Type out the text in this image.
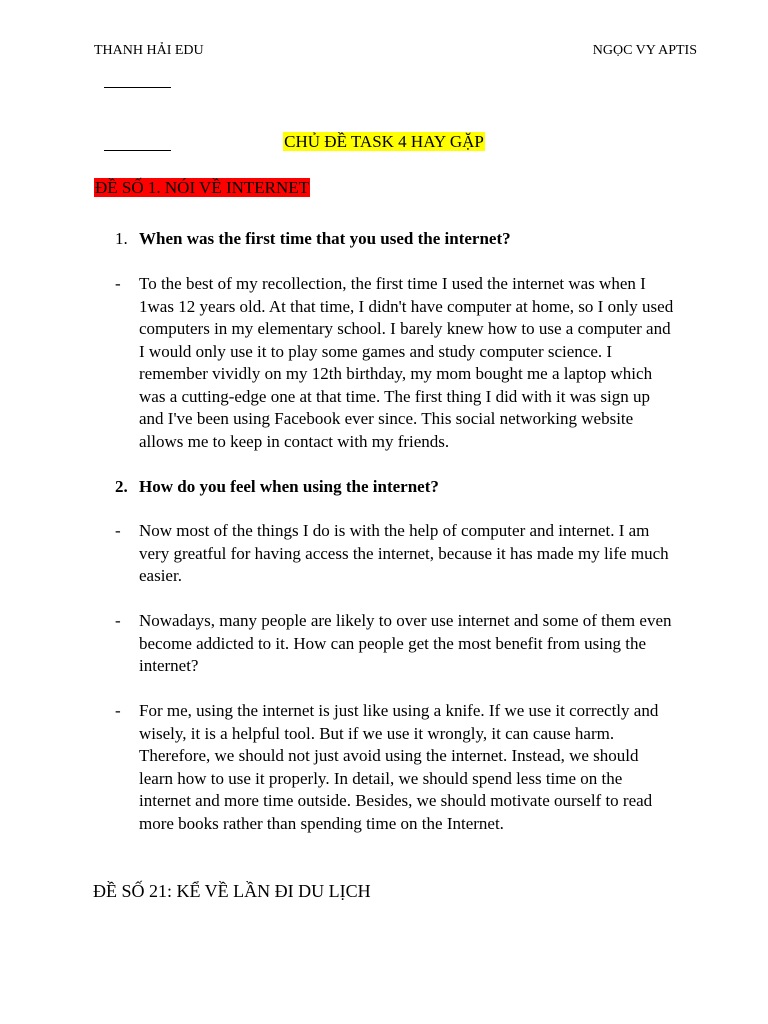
THANH HẢI EDU	NGỌC VY APTIS
CHỦ ĐỀ TASK 4 HAY GẶP
ĐỀ SỐ 1. NÓI VỀ INTERNET
1. When was the first time that you used the internet?
- To the best of my recollection, the first time I used the internet was when I 1was 12 years old. At that time, I didn't have computer at home, so I only used computers in my elementary school. I barely knew how to use a computer and I would only use it to play some games and study computer science. I remember vividly on my 12th birthday, my mom bought me a laptop which was a cutting-edge one at that time. The first thing I did with it was sign up and I've been using Facebook ever since. This social networking website allows me to keep in contact with my friends.
2. How do you feel when using the internet?
- Now most of the things I do is with the help of computer and internet. I am very greatful for having access the internet, because it has made my life much easier.
- Nowadays, many people are likely to over use internet and some of them even become addicted to it. How can people get the most benefit from using the internet?
- For me, using the internet is just like using a knife. If we use it correctly and wisely, it is a helpful tool. But if we use it wrongly, it can cause harm. Therefore, we should not just avoid using the internet. Instead, we should learn how to use it properly. In detail, we should spend less time on the internet and more time outside. Besides, we should motivate ourself to read more books rather than spending time on the Internet.
ĐỀ SỐ 21: KỂ VỀ LẦN ĐI DU LỊCH
